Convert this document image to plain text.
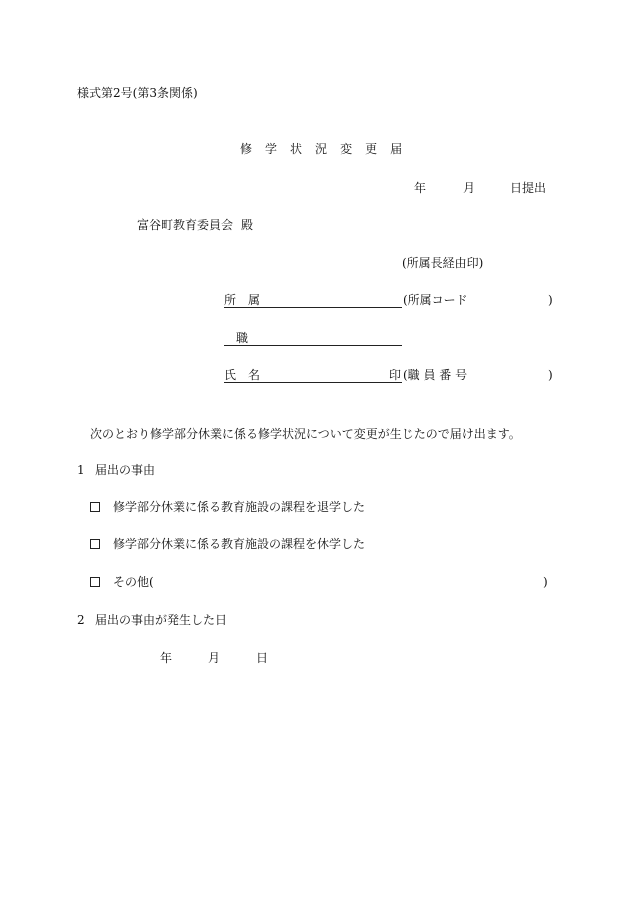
様式第2号(第3条関係)
修 学 状 況 変 更 届
年	月	日提出
富谷町教育委員会 殿
(所属長経由印)
所　属	(所属コード	)
職
氏　名	印 (職 員 番 号	)
次のとおり修学部分休業に係る修学状況について変更が生じたので届け出ます。
1 届出の事由
修学部分休業に係る教育施設の課程を退学した
修学部分休業に係る教育施設の課程を休学した
その他(	)
2 届出の事由が発生した日
年	月	日
